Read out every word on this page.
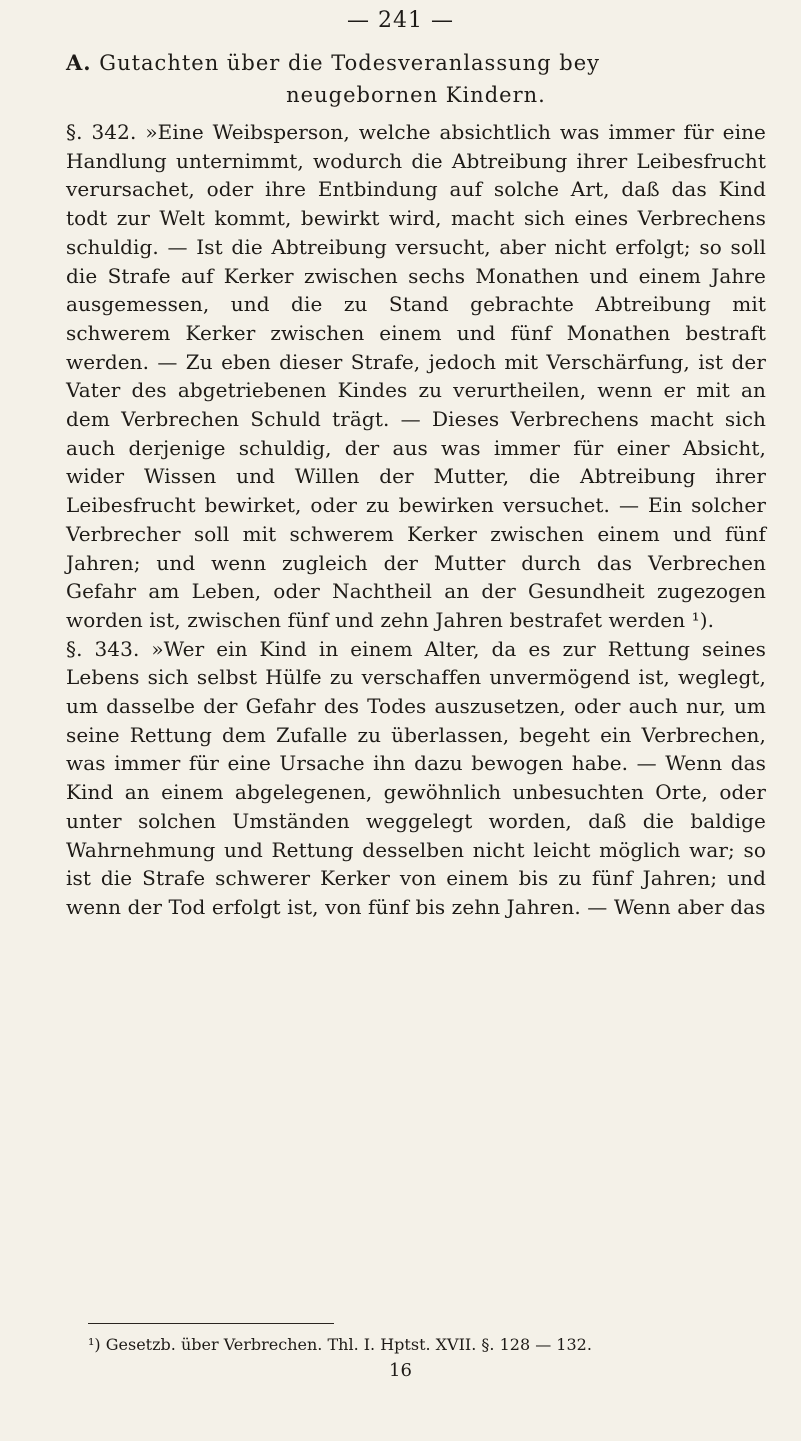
— 241 —
A. Gutachten über die Todesveranlassung bey
neugebornen Kindern.

§. 342. »Eine Weibsperson, welche absichtlich was immer für eine Handlung unternimmt, wodurch die Abtreibung ihrer Leibesfrucht verursachet, oder ihre Entbindung auf solche Art, daß das Kind todt zur Welt kommt, bewirkt wird, macht sich eines Verbrechens schuldig. — Ist die Abtreibung versucht, aber nicht erfolgt; so soll die Strafe auf Kerker zwischen sechs Monathen und einem Jahre ausgemessen, und die zu Stand gebrachte Abtreibung mit schwerem Kerker zwischen einem und fünf Monathen bestraft werden. — Zu eben dieser Strafe, jedoch mit Verschärfung, ist der Vater des abgetriebenen Kindes zu verurtheilen, wenn er mit an dem Verbrechen Schuld trägt. — Dieses Verbrechens macht sich auch derjenige schuldig, der aus was immer für einer Absicht, wider Wissen und Willen der Mutter, die Abtreibung ihrer Leibesfrucht bewirket, oder zu bewirken versuchet. — Ein solcher Verbrecher soll mit schwerem Kerker zwischen einem und fünf Jahren; und wenn zugleich der Mutter durch das Verbrechen Gefahr am Leben, oder Nachtheil an der Gesundheit zugezogen worden ist, zwischen fünf und zehn Jahren bestrafet werden ¹).

§. 343. »Wer ein Kind in einem Alter, da es zur Rettung seines Lebens sich selbst Hülfe zu verschaffen unvermögend ist, weglegt, um dasselbe der Gefahr des Todes auszusetzen, oder auch nur, um seine Rettung dem Zufalle zu überlassen, begeht ein Verbrechen, was immer für eine Ursache ihn dazu bewogen habe. — Wenn das Kind an einem abgelegenen, gewöhnlich unbesuchten Orte, oder unter solchen Umständen weggelegt worden, daß die baldige Wahrnehmung und Rettung desselben nicht leicht möglich war; so ist die Strafe schwerer Kerker von einem bis zu fünf Jahren; und wenn der Tod erfolgt ist, von fünf bis zehn Jahren. — Wenn aber das

¹) Gesetzb. über Verbrechen. Thl. I. Hptst. XVII. §. 128 — 132.
16
